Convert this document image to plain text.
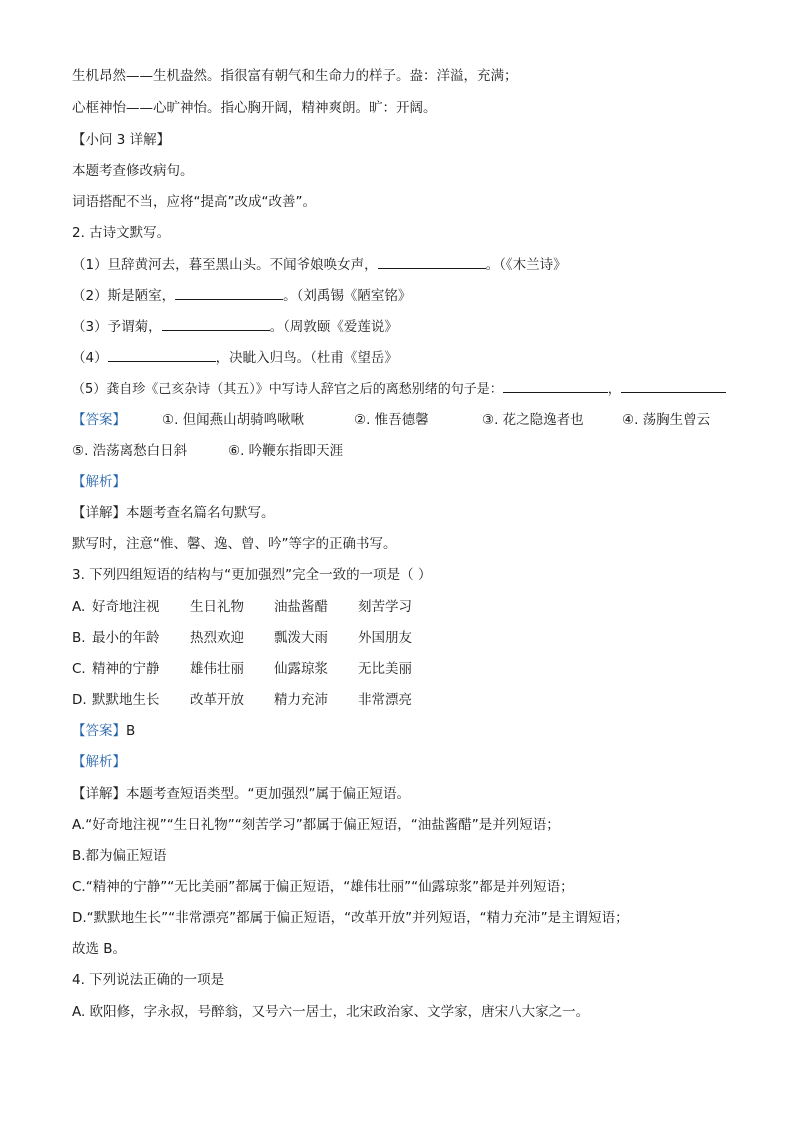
生机昂然——生机盎然。指很富有朝气和生命力的样子。盎：洋溢，充满；
心框神怡——心旷神怡。指心胸开阔，精神爽朗。旷：开阔。
【小问 3 详解】
本题考查修改病句。
词语搭配不当，应将“提高”改成“改善”。
2. 古诗文默写。
（1）旦辞黄河去，暮至黑山头。不闻爷娘唤女声，	。（《木兰诗》
（2）斯是陋室，	。（刘禹锡《陋室铭》
（3）予谓菊，	。（周敦颐《爱莲说》
（4）	，决眦入归鸟。（杜甫《望岳》
（5）龚自珍《己亥杂诗（其五）》中写诗人辞官之后的离愁别绪的句子是：	，
【答案】	①. 但闻燕山胡骑鸣啾啾	②. 惟吾德馨	③. 花之隐逸者也	④. 荡胸生曾云
⑤. 浩荡离愁白日斜	⑥. 吟鞭东指即天涯
【解析】
【详解】本题考查名篇名句默写。
默写时，注意“惟、馨、逸、曾、吟”等字的正确书写。
3. 下列四组短语的结构与“更加强烈”完全一致的一项是（ ）
A. 好奇地注视 生日礼物 油盐酱醋 刻苦学习
B. 最小的年龄 热烈欢迎 瓢泼大雨 外国朋友
C. 精神的宁静 雄伟壮丽 仙露琼浆 无比美丽
D. 默默地生长 改革开放 精力充沛 非常漂亮
【答案】B
【解析】
【详解】本题考查短语类型。“更加强烈”属于偏正短语。
A.“好奇地注视”“生日礼物”“刻苦学习”都属于偏正短语，“油盐酱醋”是并列短语；
B.都为偏正短语
C.“精神的宁静”“无比美丽”都属于偏正短语，“雄伟壮丽”“仙露琼浆”都是并列短语；
D.“默默地生长”“非常漂亮”都属于偏正短语，“改革开放”并列短语，“精力充沛”是主谓短语；
故选 B。
4. 下列说法正确的一项是
A. 欧阳修，字永叔，号醉翁，又号六一居士，北宋政治家、文学家，唐宋八大家之一。
